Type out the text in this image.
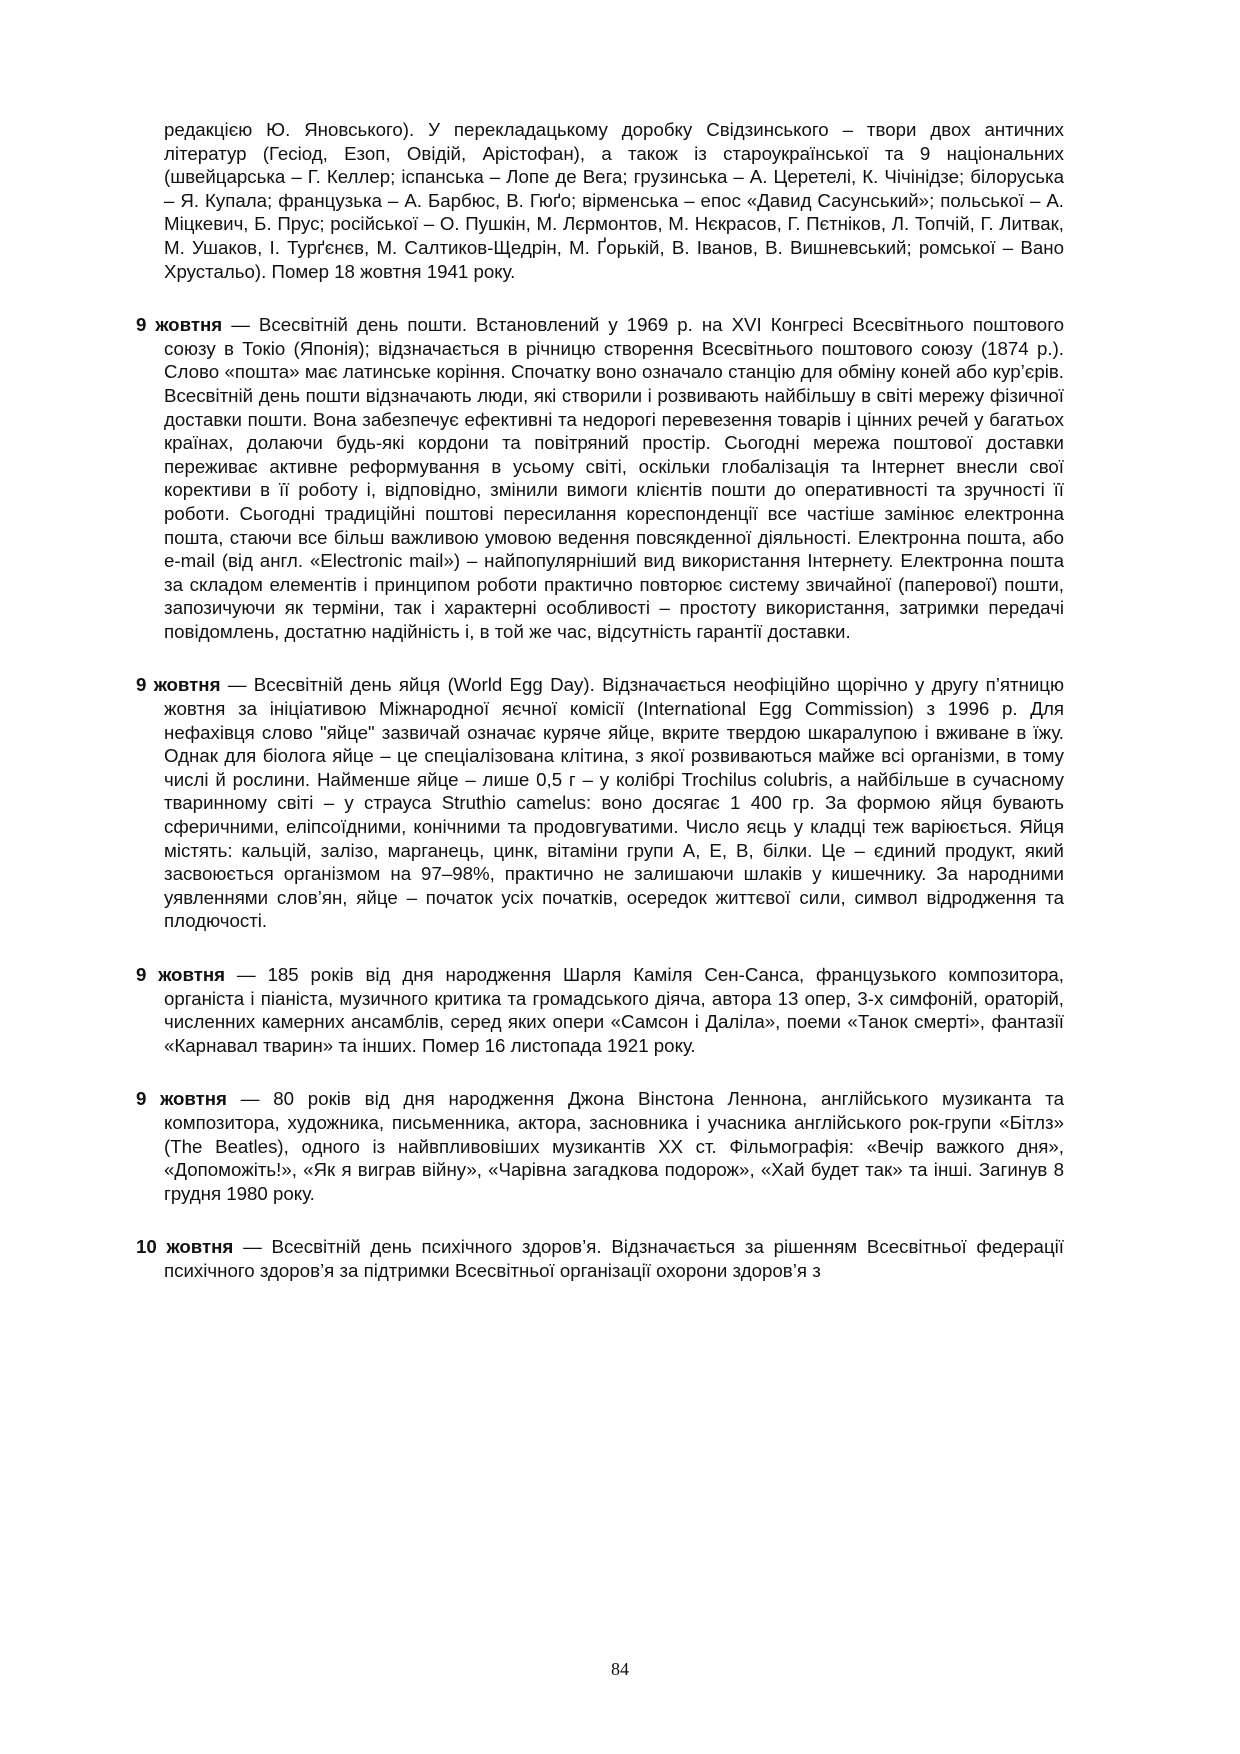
редакцією Ю. Яновського). У перекладацькому доробку Свідзинського – твори двох античних літератур (Гесіод, Езоп, Овідій, Арістофан), а також із староукраїнської та 9 національних (швейцарська – Г. Келлер; іспанська – Лопе де Вега; грузинська – А. Церетелі, К. Чічінідзе; білоруська – Я. Купала; французька – А. Барбюс, В. Гюґо; вірменська – епос «Давид Сасунський»; польської – А. Міцкевич, Б. Прус; російської – О. Пушкін, М. Лєрмонтов, М. Нєкрасов, Г. Пєтніков, Л. Топчій, Г. Литвак, М. Ушаков, І. Турґєнєв, М. Салтиков-Щедрін, М. Ґорькій, В. Іванов, В. Вишневський; ромської – Вано Хрустальо). Помер 18 жовтня 1941 року.

9 жовтня — Всесвітній день пошти. Встановлений у 1969 р. на XVI Конгресі Всесвітнього поштового союзу в Токіо (Японія); відзначається в річницю створення Всесвітнього поштового союзу (1874 р.). Слово «пошта» має латинське коріння. Спочатку воно означало станцію для обміну коней або кур’єрів. Всесвітній день пошти відзначають люди, які створили і розвивають найбільшу в світі мережу фізичної доставки пошти. Вона забезпечує ефективні та недорогі перевезення товарів і цінних речей у багатьох країнах, долаючи будь-які кордони та повітряний простір. Сьогодні мережа поштової доставки переживає активне реформування в усьому світі, оскільки глобалізація та Інтернет внесли свої корективи в її роботу і, відповідно, змінили вимоги клієнтів пошти до оперативності та зручності її роботи. Сьогодні традиційні поштові пересилання кореспонденції все частіше замінює електронна пошта, стаючи все більш важливою умовою ведення повсякденної діяльності. Електронна пошта, або e-mail (від англ. «Electronic mail») – найпопулярніший вид використання Інтернету. Електронна пошта за складом елементів і принципом роботи практично повторює систему звичайної (паперової) пошти, запозичуючи як терміни, так і характерні особливості – простоту використання, затримки передачі повідомлень, достатню надійність і, в той же час, відсутність гарантії доставки.

9 жовтня — Всесвітній день яйця (World Egg Day). Відзначається неофіційно щорічно у другу п’ятницю жовтня за ініціативою Міжнародної яєчної комісії (International Egg Commission) з 1996 р. Для нефахівця слово "яйце" зазвичай означає куряче яйце, вкрите твердою шкаралупою і вживане в їжу. Однак для біолога яйце – це спеціалізована клітина, з якої розвиваються майже всі організми, в тому числі й рослини. Найменше яйце – лише 0,5 г – у колібрі Trochilus colubris, а найбільше в сучасному тваринному світі – у страуса Struthio camelus: воно досягає 1 400 гр. За формою яйця бувають сферичними, еліпсоїдними, конічними та продовгуватими. Число яєць у кладці теж варіюється. Яйця містять: кальцій, залізо, марганець, цинк, вітаміни групи А, Е, В, білки. Це – єдиний продукт, який засвоюється організмом на 97–98%, практично не залишаючи шлаків у кишечнику. За народними уявленнями слов’ян, яйце – початок усіх початків, осередок життєвої сили, символ відродження та плодючості.

9 жовтня — 185 років від дня народження Шарля Каміля Сен-Санса, французького композитора, органіста і піаніста, музичного критика та громадського діяча, автора 13 опер, 3-х симфоній, ораторій, численних камерних ансамблів, серед яких опери «Самсон і Даліла», поеми «Танок смерті», фантазії «Карнавал тварин» та інших. Помер 16 листопада 1921 року.

9 жовтня — 80 років від дня народження Джона Вінстона Леннона, англійського музиканта та композитора, художника, письменника, актора, засновника і учасника англійського рок-групи «Бітлз» (The Beatles), одного із найвпливовіших музикантів XX ст. Фільмографія: «Вечір важкого дня», «Допоможіть!», «Як я виграв війну», «Чарівна загадкова подорож», «Хай будет так» та інші. Загинув 8 грудня 1980 року.

10 жовтня — Всесвітній день психічного здоров’я. Відзначається за рішенням Всесвітньої федерації психічного здоров’я за підтримки Всесвітньої організації охорони здоров’я з

84
